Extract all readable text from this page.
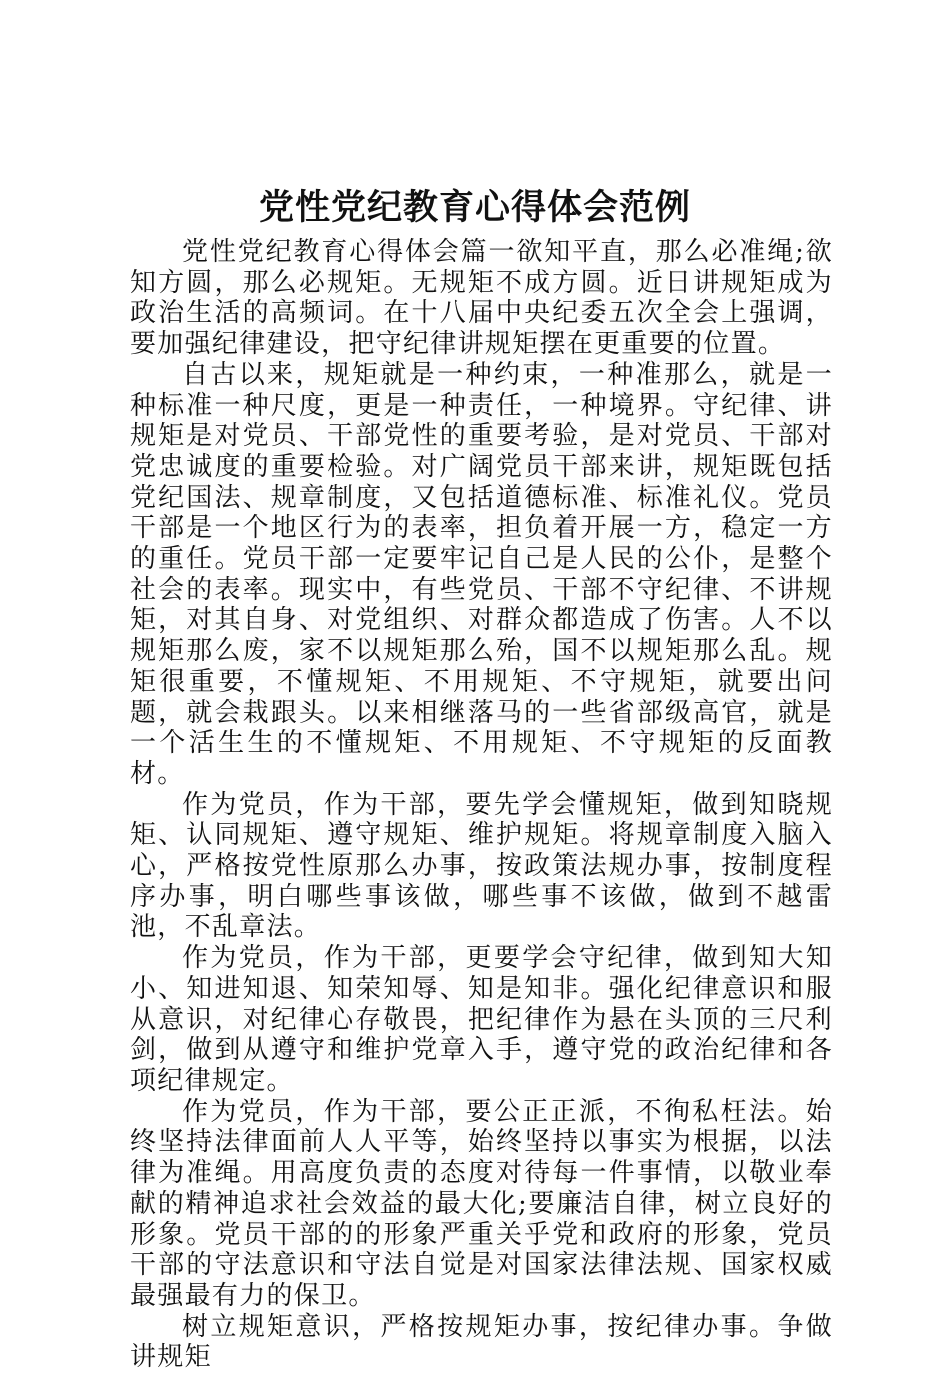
党性党纪教育心得体会范例

党性党纪教育心得体会篇一欲知平直，那么必准绳;欲知方圆，那么必规矩。无规矩不成方圆。近日讲规矩成为政治生活的高频词。在十八届中央纪委五次全会上强调，要加强纪律建设，把守纪律讲规矩摆在更重要的位置。

自古以来，规矩就是一种约束，一种准那么，就是一种标准一种尺度，更是一种责任，一种境界。守纪律、讲规矩是对党员、干部党性的重要考验，是对党员、干部对党忠诚度的重要检验。对广阔党员干部来讲，规矩既包括党纪国法、规章制度，又包括道德标准、标准礼仪。党员干部是一个地区行为的表率，担负着开展一方，稳定一方的重任。党员干部一定要牢记自己是人民的公仆，是整个社会的表率。现实中，有些党员、干部不守纪律、不讲规矩，对其自身、对党组织、对群众都造成了伤害。人不以规矩那么废，家不以规矩那么殆，国不以规矩那么乱。规矩很重要，不懂规矩、不用规矩、不守规矩，就要出问题，就会栽跟头。以来相继落马的一些省部级高官，就是一个活生生的不懂规矩、不用规矩、不守规矩的反面教材。

作为党员，作为干部，要先学会懂规矩，做到知晓规矩、认同规矩、遵守规矩、维护规矩。将规章制度入脑入心，严格按党性原那么办事，按政策法规办事，按制度程序办事，明白哪些事该做，哪些事不该做，做到不越雷池，不乱章法。

作为党员，作为干部，更要学会守纪律，做到知大知小、知进知退、知荣知辱、知是知非。强化纪律意识和服从意识，对纪律心存敬畏，把纪律作为悬在头顶的三尺利剑，做到从遵守和维护党章入手，遵守党的政治纪律和各项纪律规定。

作为党员，作为干部，要公正正派，不徇私枉法。始终坚持法律面前人人平等，始终坚持以事实为根据，以法律为准绳。用高度负责的态度对待每一件事情，以敬业奉献的精神追求社会效益的最大化;要廉洁自律，树立良好的形象。党员干部的的形象严重关乎党和政府的形象，党员干部的守法意识和守法自觉是对国家法律法规、国家权威最强最有力的保卫。

树立规矩意识，严格按规矩办事，按纪律办事。争做讲规矩
